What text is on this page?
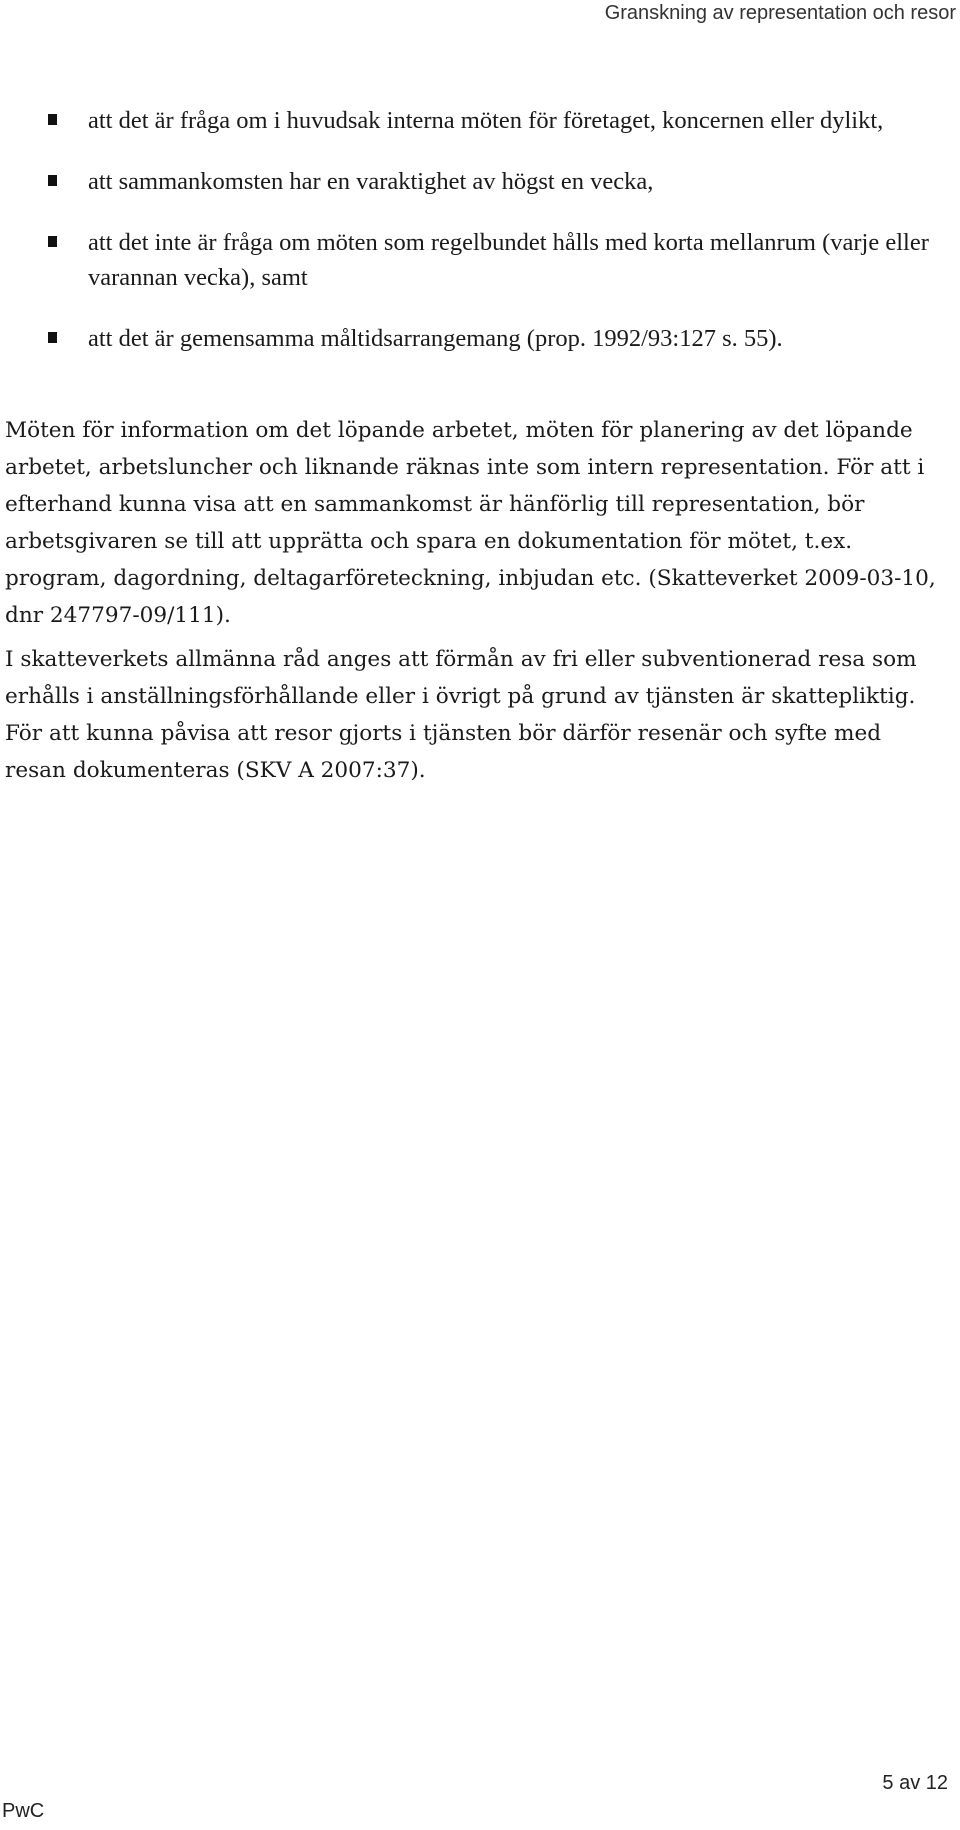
Granskning av representation och resor
att det är fråga om i huvudsak interna möten för företaget, koncernen eller dylikt,
att sammankomsten har en varaktighet av högst en vecka,
att det inte är fråga om möten som regelbundet hålls med korta mellanrum (varje eller varannan vecka), samt
att det är gemensamma måltidsarrangemang (prop. 1992/93:127 s. 55).

Möten för information om det löpande arbetet, möten för planering av det löpande arbetet, arbetsluncher och liknande räknas inte som intern representation. För att i efterhand kunna visa att en sammankomst är hänförlig till representation, bör arbetsgivaren se till att upprätta och spara en dokumentation för mötet, t.ex. program, dagordning, deltagarföreteckning, inbjudan etc. (Skatteverket 2009-03-10, dnr 247797-09/111).

I skatteverkets allmänna råd anges att förmån av fri eller subventionerad resa som erhålls i anställningsförhållande eller i övrigt på grund av tjänsten är skattepliktig. För att kunna påvisa att resor gjorts i tjänsten bör därför resenär och syfte med resan dokumenteras (SKV A 2007:37).

5 av 12
PwC
